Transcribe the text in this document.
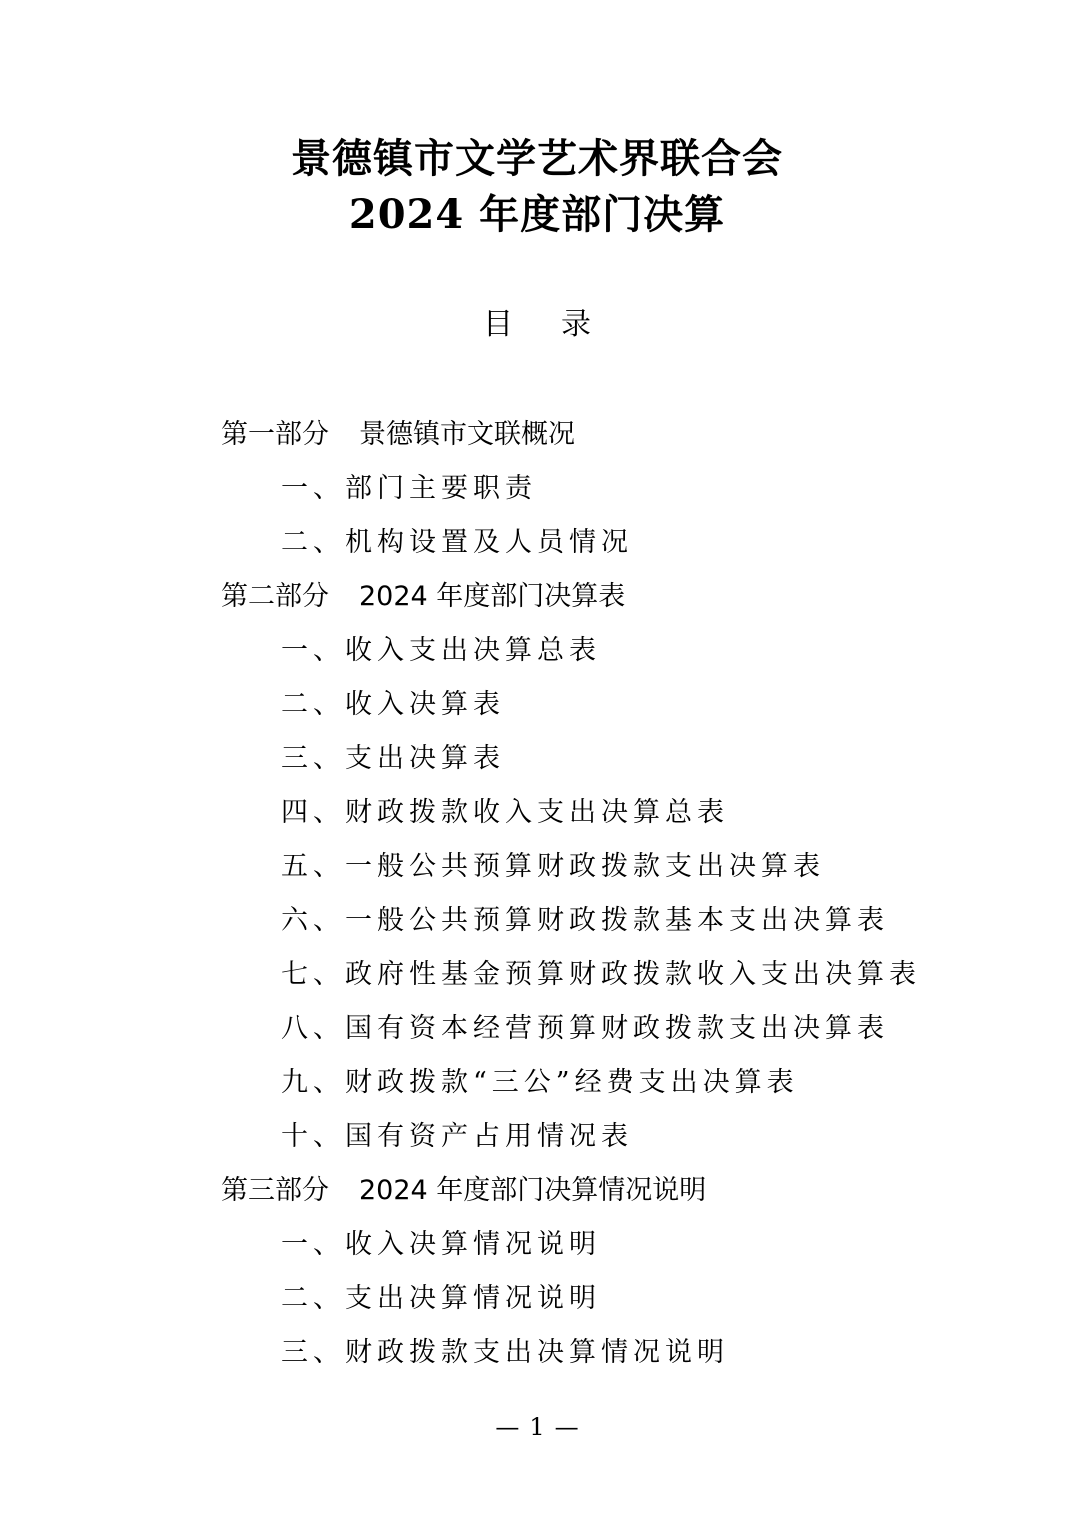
景德镇市文学艺术界联合会
2024 年度部门决算
目录
第一部分 景德镇市文联概况
一、部门主要职责
二、机构设置及人员情况
第二部分 2024 年度部门决算表
一、收入支出决算总表
二、收入决算表
三、支出决算表
四、财政拨款收入支出决算总表
五、一般公共预算财政拨款支出决算表
六、一般公共预算财政拨款基本支出决算表
七、政府性基金预算财政拨款收入支出决算表
八、国有资本经营预算财政拨款支出决算表
九、财政拨款“三公”经费支出决算表
十、国有资产占用情况表
第三部分 2024 年度部门决算情况说明
一、收入决算情况说明
二、支出决算情况说明
三、财政拨款支出决算情况说明
— 1 —
